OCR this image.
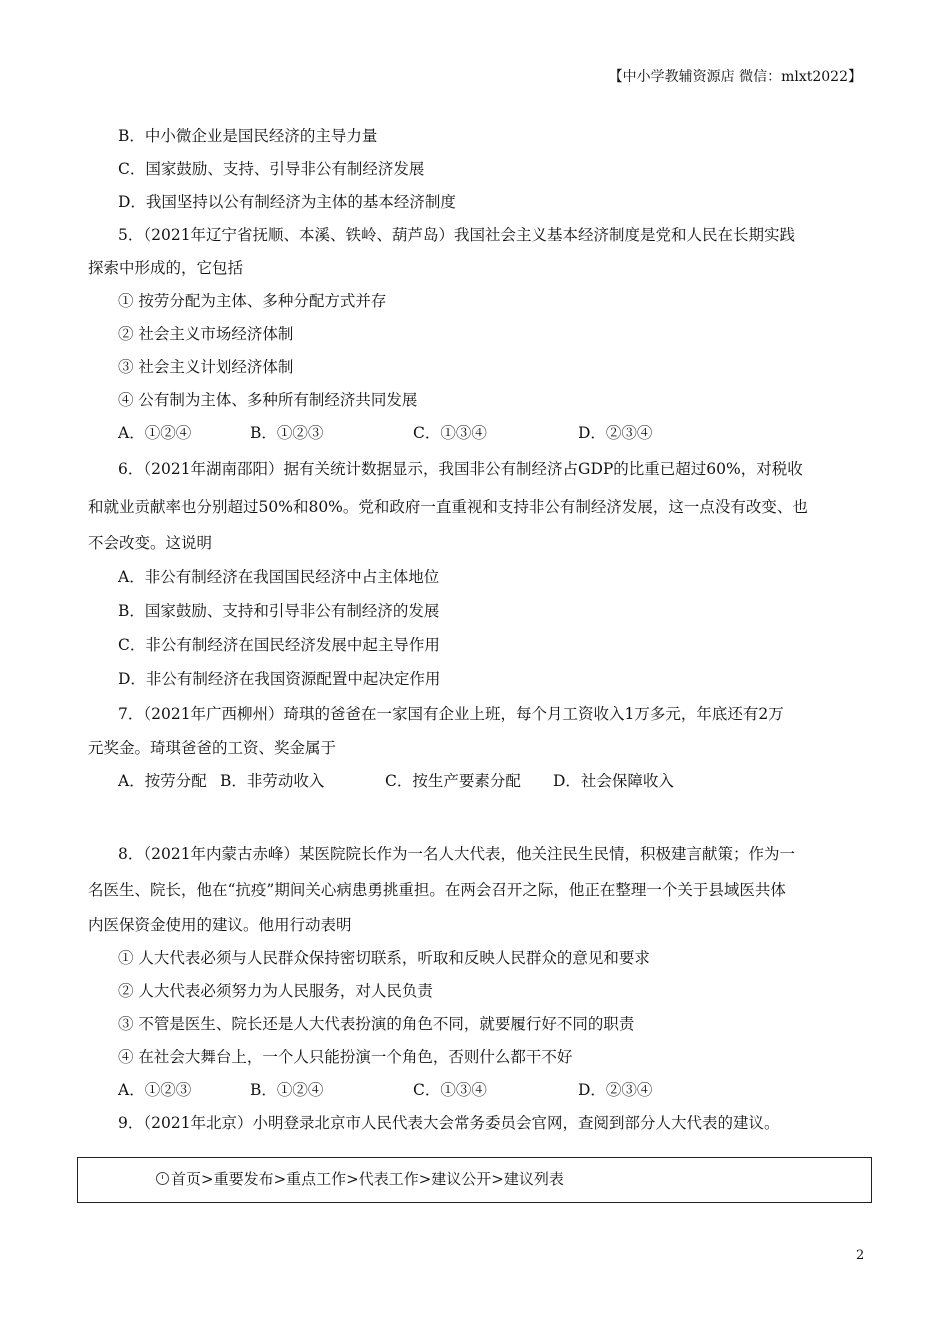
【中小学教辅资源店 微信：mlxt2022】
B．中小微企业是国民经济的主导力量
C．国家鼓励、支持、引导非公有制经济发展
D．我国坚持以公有制经济为主体的基本经济制度
5．（2021年辽宁省抚顺、本溪、铁岭、葫芦岛）我国社会主义基本经济制度是党和人民在长期实践
探索中形成的，它包括
① 按劳分配为主体、多种分配方式并存
② 社会主义市场经济体制
③ 社会主义计划经济体制
④ 公有制为主体、多种所有制经济共同发展
A．①②④	B．①②③	C．①③④	D．②③④
6．（2021年湖南邵阳）据有关统计数据显示，我国非公有制经济占GDP的比重已超过60%，对税收
和就业贡献率也分别超过50%和80%。党和政府一直重视和支持非公有制经济发展，这一点没有改变、也
不会改变。这说明
A．非公有制经济在我国国民经济中占主体地位
B．国家鼓励、支持和引导非公有制经济的发展
C．非公有制经济在国民经济发展中起主导作用
D．非公有制经济在我国资源配置中起决定作用
7．（2021年广西柳州）琦琪的爸爸在一家国有企业上班，每个月工资收入1万多元，年底还有2万
元奖金。琦琪爸爸的工资、奖金属于
A．按劳分配 B．非劳动收入	C．按生产要素分配	D．社会保障收入
8．（2021年内蒙古赤峰）某医院院长作为一名人大代表，他关注民生民情，积极建言献策；作为一
名医生、院长，他在“抗疫”期间关心病患勇挑重担。在两会召开之际，他正在整理一个关于县域医共体
内医保资金使用的建议。他用行动表明
① 人大代表必须与人民群众保持密切联系，听取和反映人民群众的意见和要求
② 人大代表必须努力为人民服务，对人民负责
③ 不管是医生、院长还是人大代表扮演的角色不同，就要履行好不同的职责
④ 在社会大舞台上，一个人只能扮演一个角色，否则什么都干不好
A．①②③	B．①②④	C．①③④	D．②③④
9．（2021年北京）小明登录北京市人民代表大会常务委员会官网，查阅到部分人大代表的建议。
首页>重要发布>重点工作>代表工作>建议公开>建议列表
2
